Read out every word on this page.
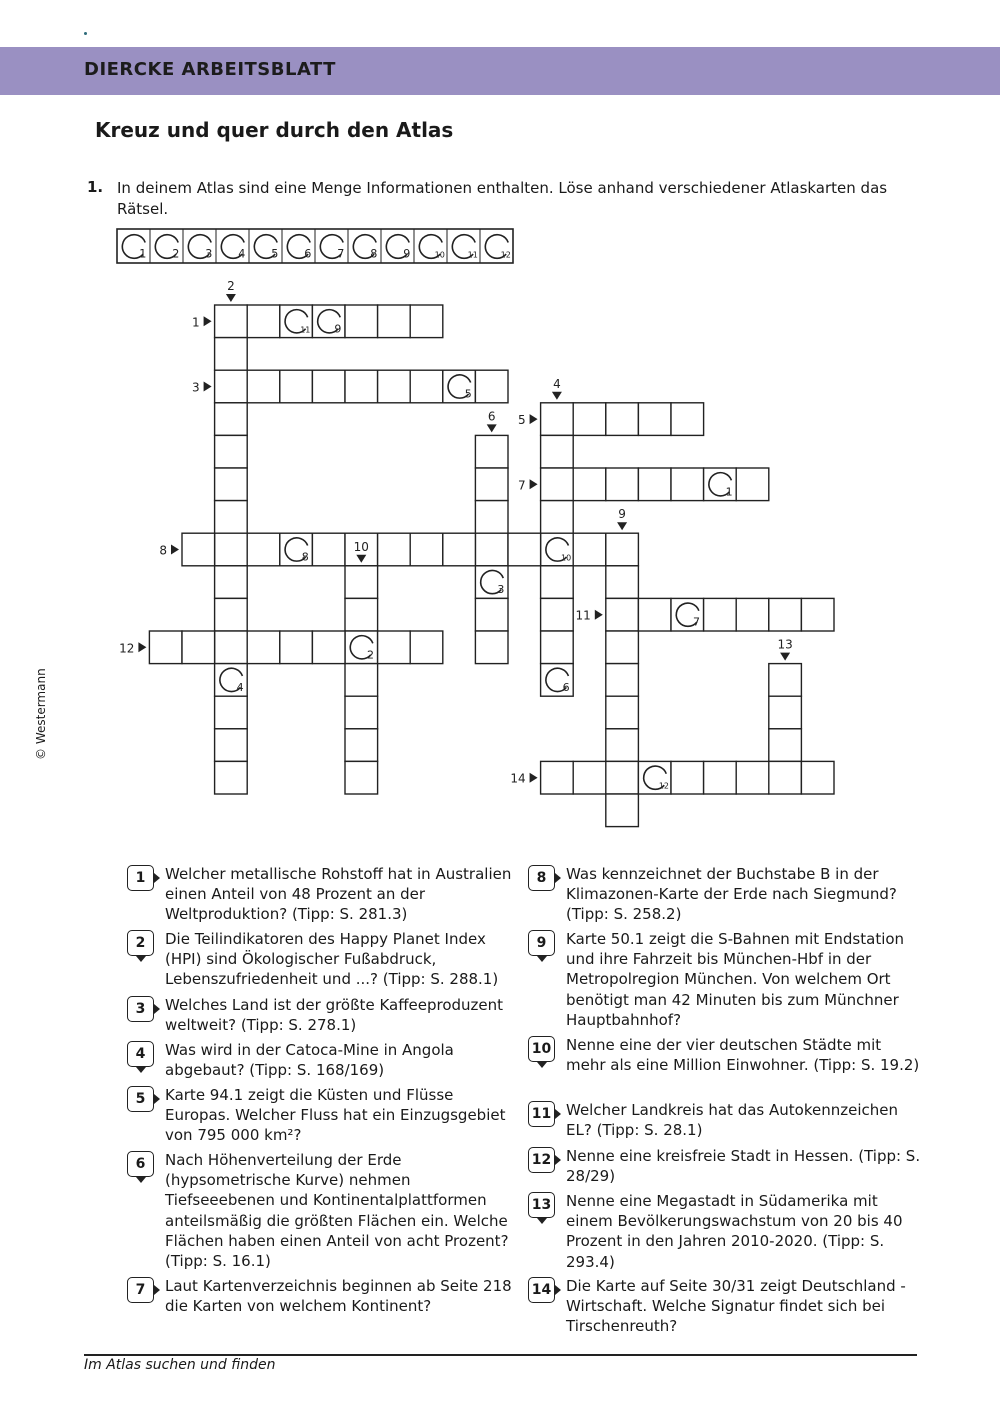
DIERCKE ARBEITSBLATT
Kreuz und quer durch den Atlas
1. In deinem Atlas sind eine Menge Informationen enthalten. Löse anhand verschiedener Atlaskarten das Rätsel.
1 2 3 4 5 6 7 8 9	10	11	12
11 9
5
1
8	10
3
7
2
4	6
12
1
2
3	4
5
6
7
8
9
10
11
12	13
14
© Westermann
Im Atlas suchen und finden
1	Welcher metallische Rohstoff hat in Australien einen Anteil von 48 Prozent an der Weltproduktion? (Tipp: S. 281.3)
2	Die Teilindikatoren des Happy Planet Index (HPI) sind Ökologischer Fußabdruck, Lebenszufriedenheit und ...? (Tipp: S. 288.1)
3	Welches Land ist der größte Kaffeeproduzent weltweit? (Tipp: S. 278.1)
4	Was wird in der Catoca-Mine in Angola abgebaut? (Tipp: S. 168/169)
5	Karte 94.1 zeigt die Küsten und Flüsse Europas. Welcher Fluss hat ein Einzugsgebiet von 795 000 km²?
6	Nach Höhenverteilung der Erde (hypsometrische Kurve) nehmen Tiefseeebenen und Kontinentalplattformen anteilsmäßig die größten Flächen ein. Welche Flächen haben einen Anteil von acht Prozent? (Tipp: S. 16.1)
7	Laut Kartenverzeichnis beginnen ab Seite 218 die Karten von welchem Kontinent?
8	Was kennzeichnet der Buchstabe B in der Klimazonen-Karte der Erde nach Siegmund? (Tipp: S. 258.2)
9	Karte 50.1 zeigt die S-Bahnen mit Endstation und ihre Fahrzeit bis München-Hbf in der Metropolregion München. Von welchem Ort benötigt man 42 Minuten bis zum Münchner Hauptbahnhof?
10 Nenne eine der vier deutschen Städte mit mehr als eine Million Einwohner. (Tipp: S. 19.2)
11 Welcher Landkreis hat das Autokennzeichen EL? (Tipp: S. 28.1)
12 Nenne eine kreisfreie Stadt in Hessen. (Tipp: S. 28/29)
13 Nenne eine Megastadt in Südamerika mit einem Bevölkerungswachstum von 20 bis 40 Prozent in den Jahren 2010-2020. (Tipp: S. 293.4)
14 Die Karte auf Seite 30/31 zeigt Deutschland - Wirtschaft. Welche Signatur findet sich bei Tirschenreuth?
